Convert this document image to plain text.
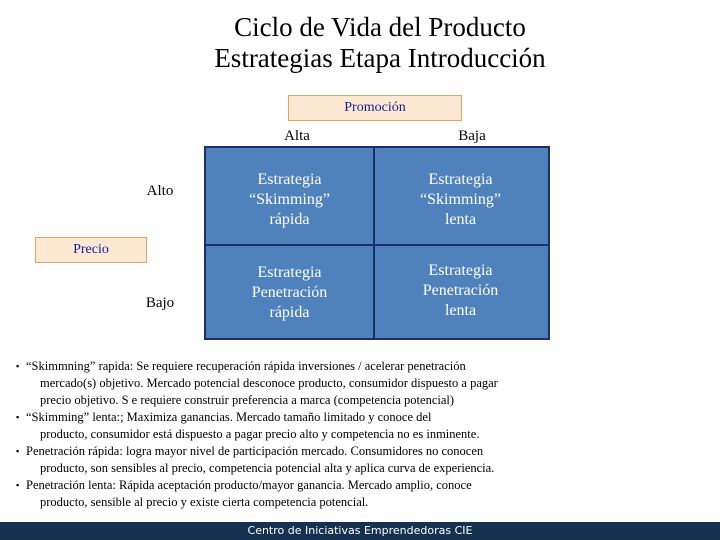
Ciclo de Vida del Producto
Estrategias Etapa Introducción
Promoción
Alta	Baja
Alto
Precio
Bajo
Estrategia
“Skimming”
rápida
Estrategia
“Skimming”
lenta
Estrategia
Penetración
rápida
Estrategia
Penetración
lenta
▪ “Skimmning” rapida: Se requiere recuperación rápida inversiones / acelerar penetración
mercado(s) objetivo. Mercado potencial desconoce producto, consumidor dispuesto a pagar
precio objetivo. S e requiere construir preferencia a marca (competencia potencial)
▪ “Skimming” lenta:; Maximiza ganancias. Mercado tamaño limitado y conoce del
producto, consumidor está dispuesto a pagar precio alto y competencia no es inminente.
▪ Penetración rápida: logra mayor nivel de participación mercado. Consumidores no conocen
producto, son sensibles al precio, competencia potencial alta y aplica curva de experiencia.
▪ Penetración lenta: Rápida aceptación producto/mayor ganancia. Mercado amplio, conoce
producto, sensible al precio y existe cierta competencia potencial.
Centro de Iniciativas Emprendedoras CIE
